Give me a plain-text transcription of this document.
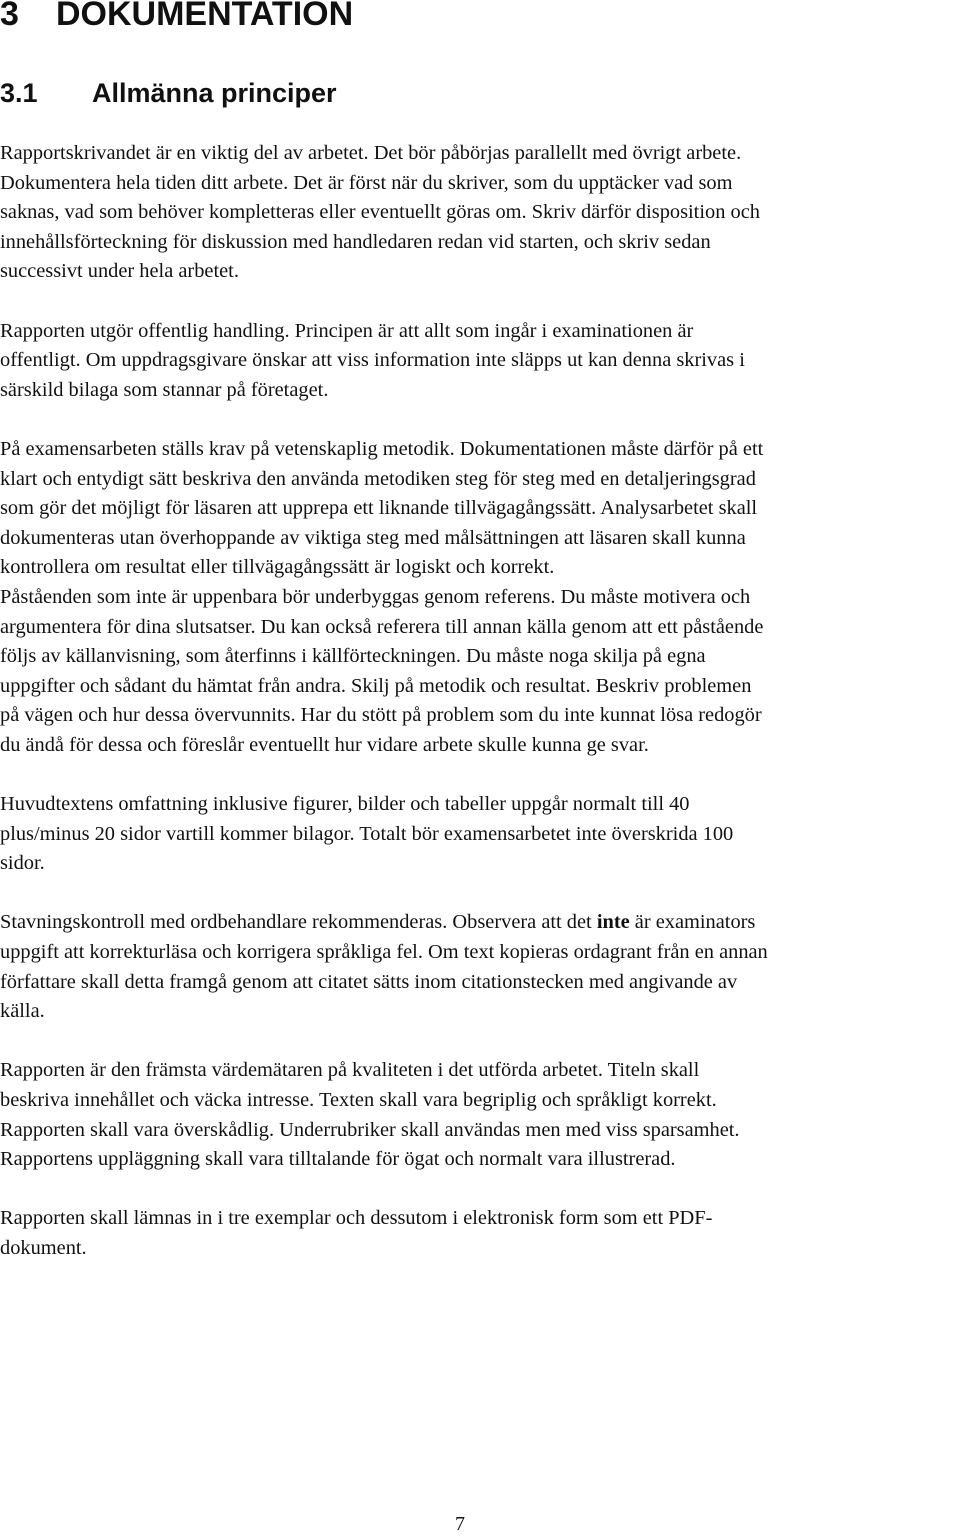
3 DOKUMENTATION
3.1 Allmänna principer

Rapportskrivandet är en viktig del av arbetet. Det bör påbörjas parallellt med övrigt arbete.
Dokumentera hela tiden ditt arbete. Det är först när du skriver, som du upptäcker vad som
saknas, vad som behöver kompletteras eller eventuellt göras om. Skriv därför disposition och
innehållsförteckning för diskussion med handledaren redan vid starten, och skriv sedan
successivt under hela arbetet.

Rapporten utgör offentlig handling. Principen är att allt som ingår i examinationen är
offentligt. Om uppdragsgivare önskar att viss information inte släpps ut kan denna skrivas i
särskild bilaga som stannar på företaget.

På examensarbeten ställs krav på vetenskaplig metodik. Dokumentationen måste därför på ett
klart och entydigt sätt beskriva den använda metodiken steg för steg med en detaljeringsgrad
som gör det möjligt för läsaren att upprepa ett liknande tillvägagångssätt. Analysarbetet skall
dokumenteras utan överhoppande av viktiga steg med målsättningen att läsaren skall kunna
kontrollera om resultat eller tillvägagångssätt är logiskt och korrekt.
Påståenden som inte är uppenbara bör underbyggas genom referens. Du måste motivera och
argumentera för dina slutsatser. Du kan också referera till annan källa genom att ett påstående
följs av källanvisning, som återfinns i källförteckningen. Du måste noga skilja på egna
uppgifter och sådant du hämtat från andra. Skilj på metodik och resultat. Beskriv problemen
på vägen och hur dessa övervunnits. Har du stött på problem som du inte kunnat lösa redogör
du ändå för dessa och föreslår eventuellt hur vidare arbete skulle kunna ge svar.

Huvudtextens omfattning inklusive figurer, bilder och tabeller uppgår normalt till 40
plus/minus 20 sidor vartill kommer bilagor. Totalt bör examensarbetet inte överskrida 100
sidor.

Stavningskontroll med ordbehandlare rekommenderas. Observera att det inte är examinators
uppgift att korrekturläsa och korrigera språkliga fel. Om text kopieras ordagrant från en annan
författare skall detta framgå genom att citatet sätts inom citationstecken med angivande av
källa.

Rapporten är den främsta värdemätaren på kvaliteten i det utförda arbetet. Titeln skall
beskriva innehållet och väcka intresse. Texten skall vara begriplig och språkligt korrekt.
Rapporten skall vara överskådlig. Underrubriker skall användas men med viss sparsamhet.
Rapportens uppläggning skall vara tilltalande för ögat och normalt vara illustrerad.

Rapporten skall lämnas in i tre exemplar och dessutom i elektronisk form som ett PDF-
dokument.

7
